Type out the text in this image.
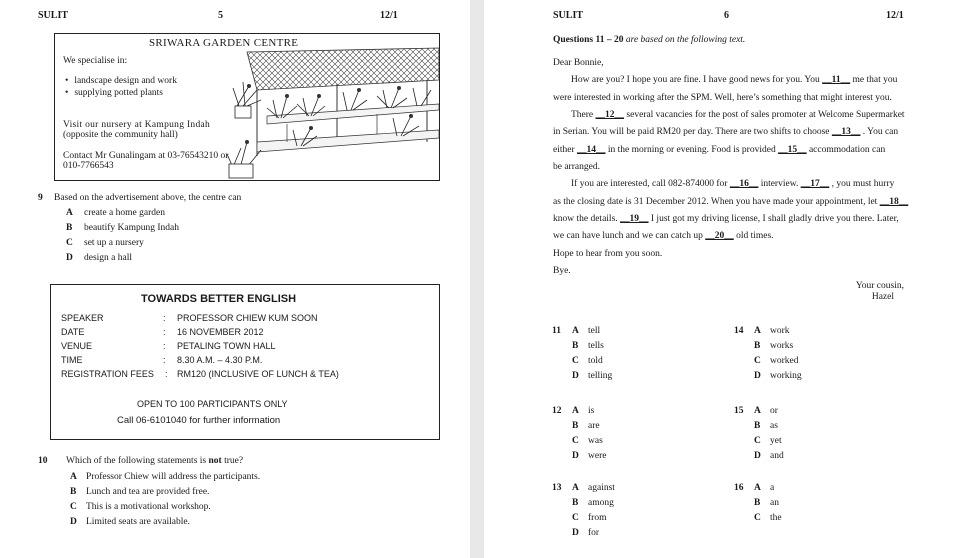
SULIT	5	12/1
SRIWARA GARDEN CENTRE
We specialise in:
• landscape design and work
• supplying potted plants
Visit our nursery at Kampung Indah
(opposite the community hall)
Contact Mr Gunalingam at 03-76543210 or
010-7766543
9 Based on the advertisement above, the centre can
A create a home garden
B beautify Kampung Indah
C set up a nursery
D design a hall
TOWARDS BETTER ENGLISH
SPEAKER	: PROFESSOR CHIEW KUM SOON
DATE	: 16 NOVEMBER 2012
VENUE	: PETALING TOWN HALL
TIME	: 8.30 A.M. – 4.30 P.M.
REGISTRATION FEES : RM120 (INCLUSIVE OF LUNCH & TEA)
OPEN TO 100 PARTICIPANTS ONLY
Call 06-6101040 for further information
10 Which of the following statements is not true?
A Professor Chiew will address the participants.
B Lunch and tea are provided free.
C This is a motivational workshop.
D Limited seats are available.
SULIT	6	12/1
Questions 11 – 20 are based on the following text.
Dear Bonnie,
How are you? I hope you are fine. I have good news for you. You __11__ me that you
were interested in working after the SPM. Well, here’s something that might interest you.
There __12__ several vacancies for the post of sales promoter at Welcome Supermarket
in Serian. You will be paid RM20 per day. There are two shifts to choose __13__ . You can
either __14__ in the morning or evening. Food is provided __15__ accommodation can
be arranged.
If you are interested, call 082-874000 for __16__ interview. __17__ , you must hurry
as the closing date is 31 December 2012. When you have made your appointment, let __18__
know the details. __19__ I just got my driving license, I shall gladly drive you there. Later,
we can have lunch and we can catch up __20__ old times.
Hope to hear from you soon.
Bye.
Your cousin,
Hazel
11 A tell
B tells
C told
D telling
12 A is
B are
C was
D were
13 A against
B among
C from
D for
14 A work
B works
C worked
D working
15 A or
B as
C yet
D and
16 A a
B an
C the
